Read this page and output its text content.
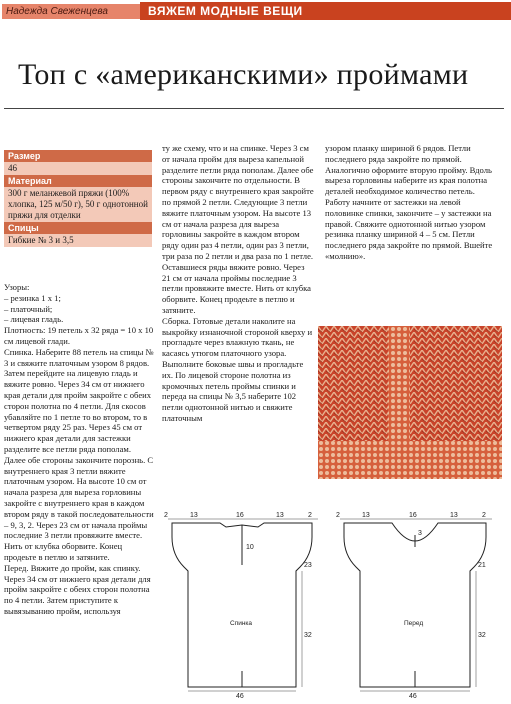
Надежда Свеженцева	ВЯЖЕМ МОДНЫЕ ВЕЩИ
Топ с «американскими» проймами
Размер
46
Материал
300 г меланжевой пряжи (100% хлопка, 125 м/50 г), 50 г однотонной пряжи для отделки
Спицы
Гибкие № 3 и 3,5
Узоры:
– резинка 1 х 1;
– платочный;
– лицевая гладь.
Плотность: 19 петель х 32 ряда = 10 х 10 см лицевой глади.
Спинка. Наберите 88 петель на спицы № 3 и свяжите платочным узором 8 рядов. Затем перейдите на лицевую гладь и вяжите ровно. Через 34 см от нижнего края детали для пройм закройте с обеих сторон полотна по 4 петли. Для скосов убавляйте по 1 петле то во втором, то в четвертом ряду 25 раз. Через 45 см от нижнего края детали для застежки разделите все петли ряда пополам. Далее обе стороны закончите порознь. С внутреннего края 3 петли вяжите платочным узором. На высоте 10 см от начала разреза для выреза горловины закройте с внутреннего края в каждом втором ряду в такой последовательности – 9, 3, 2. Через 23 см от начала проймы последние 3 петли провяжите вместе. Нить от клубка оборвите. Конец продеьте в петлю и затяните.
Перед. Вяжите до пройм, как спинку. Через 34 см от нижнего края детали для пройм закройте с обеих сторон полотна по 4 петли. Затем приступите к вывязыванию пройм, используя
ту же схему, что и на спинке. Через 3 см от начала пройм для выреза капельной разделите петли ряда пополам. Далее обе стороны закончите по отдельности. В первом ряду с внутреннего края закройте по прямой 2 петли. Следующие 3 петли вяжите платочным узором. На высоте 13 см от начала разреза для выреза горловины закройте в каждом втором ряду один раз 4 петли, один раз 3 петли, три раза по 2 петли и два раза по 1 петле. Оставшиеся ряды вяжите ровно. Через 21 см от начала проймы последние 3 петли провяжите вместе. Нить от клубка оборвите. Конец продеьте в петлю и затяните.
Сборка. Готовые детали наколите на выкройку изнаночной стороной кверху и прогладьте через влажную ткань, не касаясь утюгом платочного узора. Выполните боковые швы и прогладьте их. По лицевой стороне полотна из кромочных петель проймы спинки и переда на спицы № 3,5 наберите 102 петли однотонной нитью и свяжите платочным
узором планку шириной 6 рядов. Петли последнего ряда закройте по прямой. Аналогично оформите вторую пройму. Вдоль выреза горловины наберите из края полотна деталей необходимое количество петель. Работу начните от застежки на левой половинке спинки, закончите – у застежки на правой. Свяжите однотонной нитью узором резинка планку шириной 4 – 5 см. Петли последнего ряда закройте по прямой. Вшейте «молнию».
2	13	16	13	2
10
23
32
46
Спинка
2	13	16	13	2
3
21
32
46
Перед
